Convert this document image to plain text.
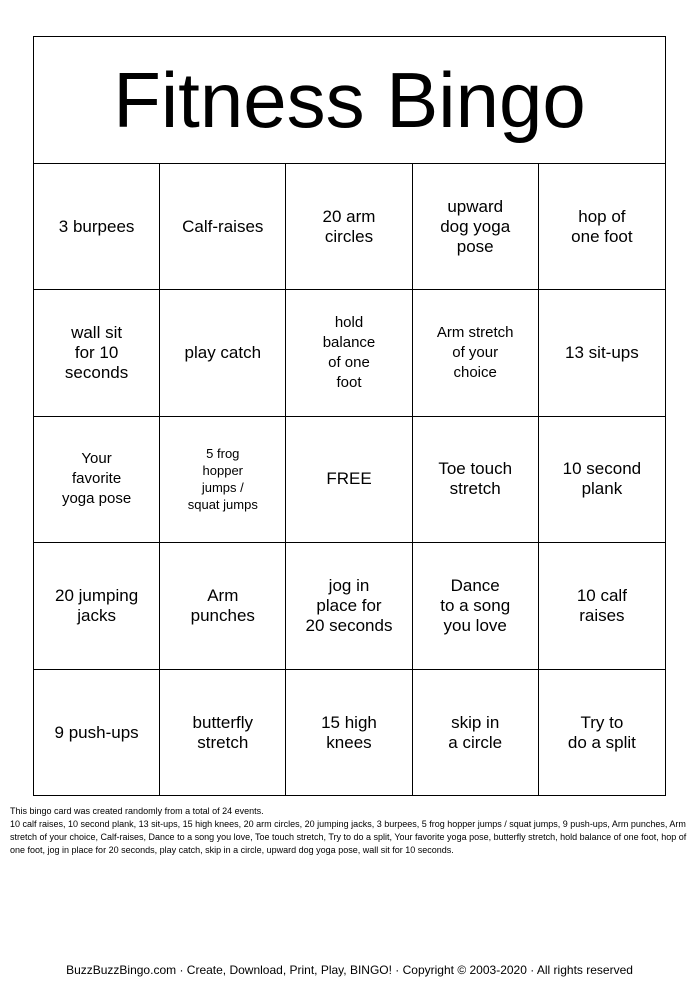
Fitness Bingo
3 burpees	Calf-raises
20 arm
circles
upward
dog yoga
pose
hop of
one foot
wall sit
for 10
seconds
play catch
hold
balance
of one
foot
Arm stretch
of your
choice
13 sit-ups
Your
favorite
yoga pose
5 frog
hopper
jumps /
squat jumps
FREE
Toe touch
stretch
10 second
plank
20 jumping
jacks
Arm
punches
jog in
place for
20 seconds
Dance
to a song
you love
10 calf
raises
9 push-ups
butterfly
stretch
15 high
knees
skip in
a circle
Try to
do a split
This bingo card was created randomly from a total of 24 events.
10 calf raises, 10 second plank, 13 sit-ups, 15 high knees, 20 arm circles, 20 jumping jacks, 3 burpees, 5 frog hopper jumps / squat jumps, 9 push-ups, Arm punches, Arm stretch of your choice, Calf-raises, Dance to a song you love, Toe touch stretch, Try to do a split, Your favorite yoga pose, butterfly stretch, hold balance of one foot, hop of one foot, jog in place for 20 seconds, play catch, skip in a circle, upward dog yoga pose, wall sit for 10 seconds.
BuzzBuzzBingo.com · Create, Download, Print, Play, BINGO! · Copyright © 2003-2020 · All rights reserved
